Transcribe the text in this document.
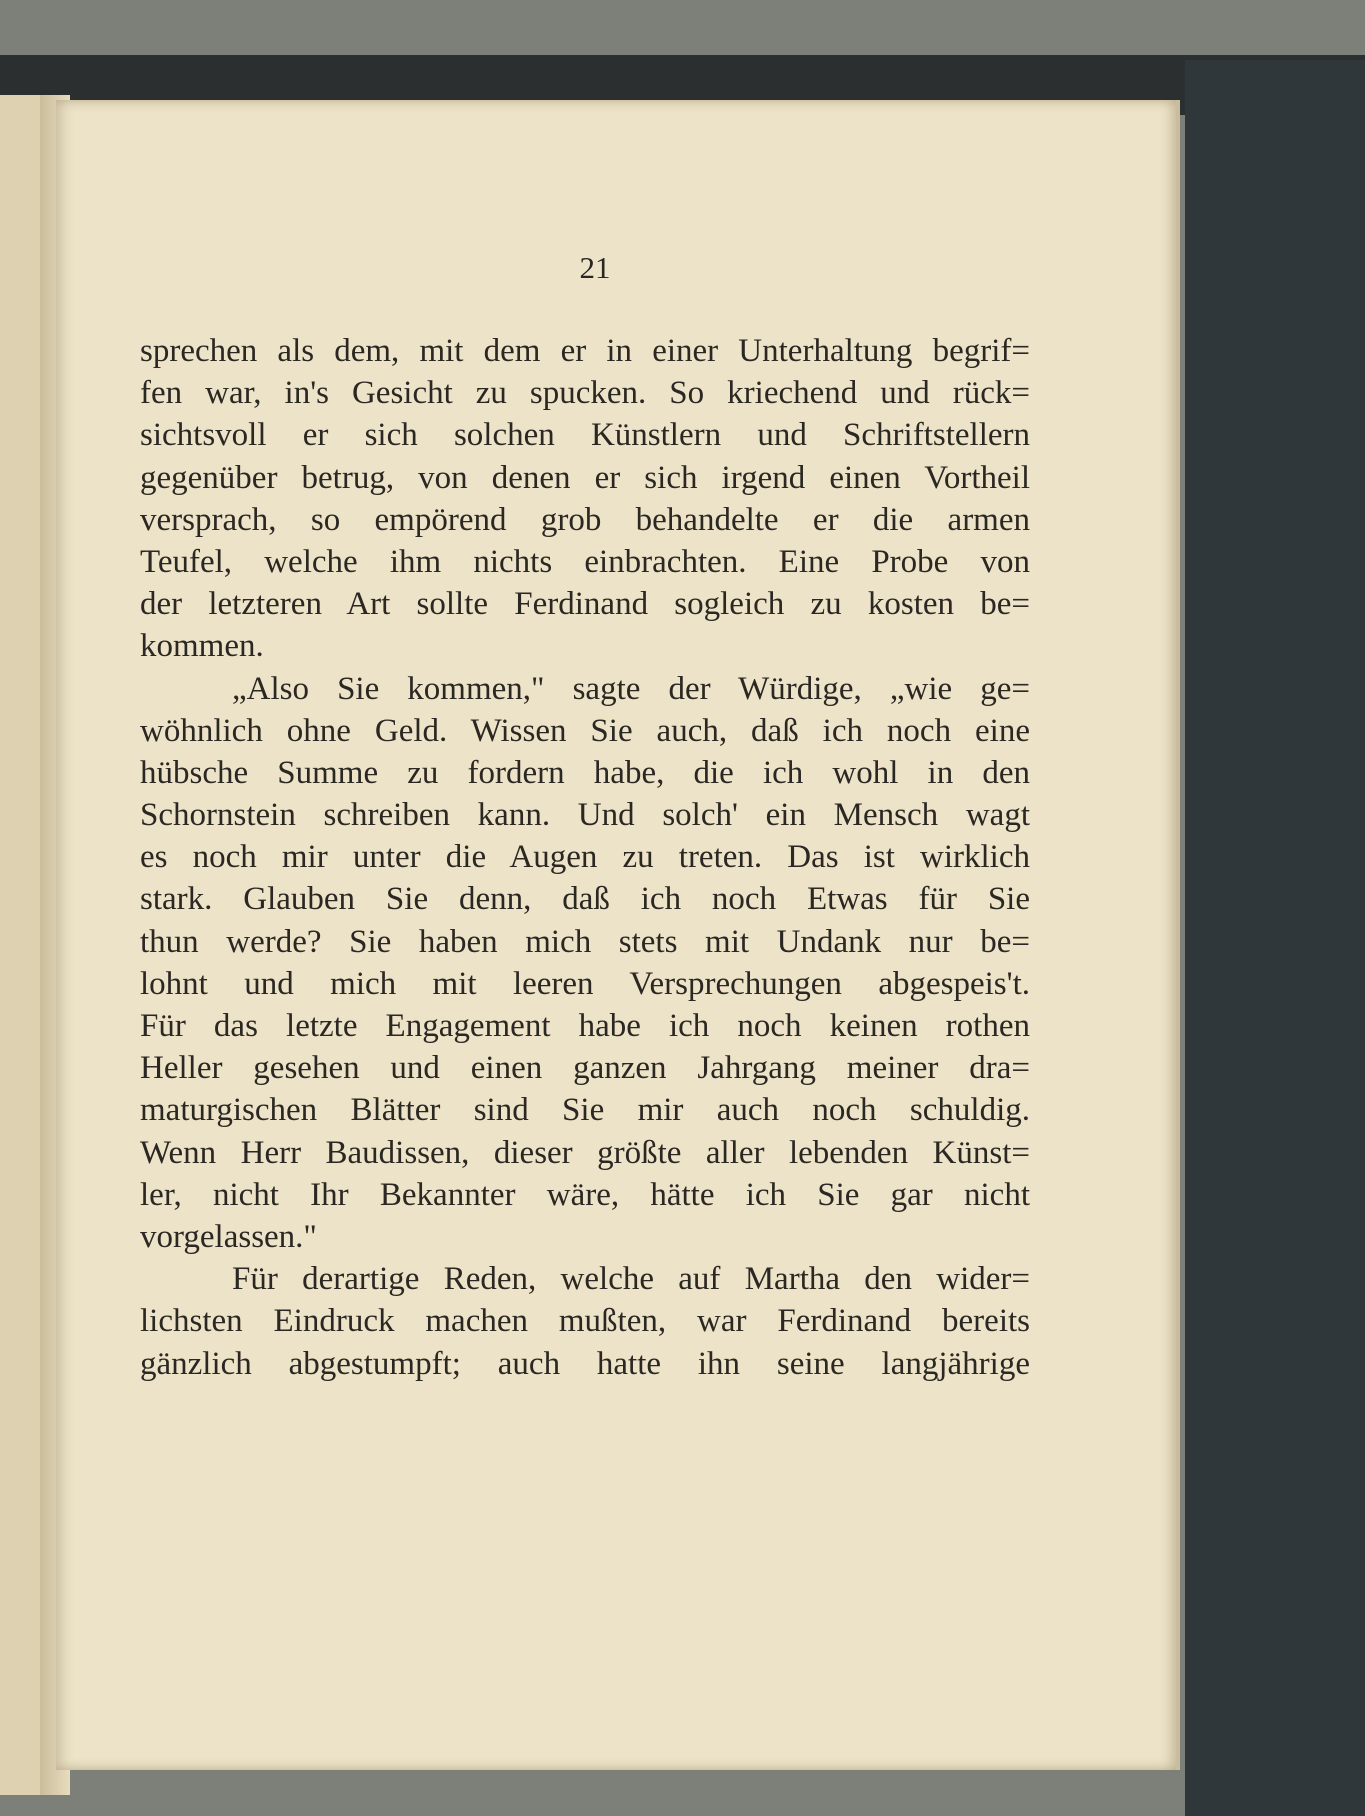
21
sprechen als dem, mit dem er in einer Unterhaltung begrif=
fen war, in's Gesicht zu spucken. So kriechend und rück=
sichtsvoll er sich solchen Künstlern und Schriftstellern
gegenüber betrug, von denen er sich irgend einen Vortheil
versprach, so empörend grob behandelte er die armen
Teufel, welche ihm nichts einbrachten. Eine Probe von
der letzteren Art sollte Ferdinand sogleich zu kosten be=
kommen.
„Also Sie kommen," sagte der Würdige, „wie ge=
wöhnlich ohne Geld. Wissen Sie auch, daß ich noch eine
hübsche Summe zu fordern habe, die ich wohl in den
Schornstein schreiben kann. Und solch' ein Mensch wagt
es noch mir unter die Augen zu treten. Das ist wirklich
stark. Glauben Sie denn, daß ich noch Etwas für Sie
thun werde? Sie haben mich stets mit Undank nur be=
lohnt und mich mit leeren Versprechungen abgespeis't.
Für das letzte Engagement habe ich noch keinen rothen
Heller gesehen und einen ganzen Jahrgang meiner dra=
maturgischen Blätter sind Sie mir auch noch schuldig.
Wenn Herr Baudissen, dieser größte aller lebenden Künst=
ler, nicht Ihr Bekannter wäre, hätte ich Sie gar nicht
vorgelassen."
Für derartige Reden, welche auf Martha den wider=
lichsten Eindruck machen mußten, war Ferdinand bereits
gänzlich abgestumpft; auch hatte ihn seine langjährige
